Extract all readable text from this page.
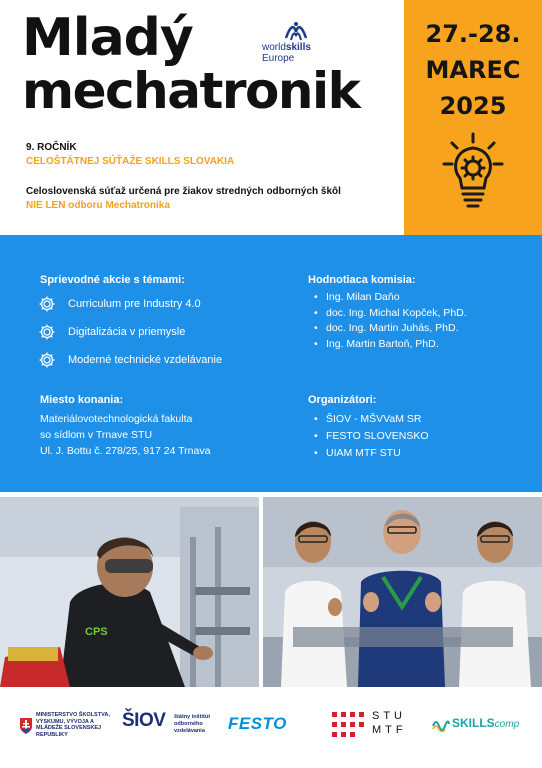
Mladý
mechatronik
worldskills
Europe
9. ROČNÍK
CELOŠTÁTNEJ SÚŤAŽE SKILLS SLOVAKIA
Celoslovenská súťaž určená pre žiakov stredných odborných škôl
NIE LEN odboru Mechatronika
27.-28.
MAREC
2025
Sprievodné akcie s témami:
Curriculum pre Industry 4.0
Digitalizácia v priemysle
Moderné technické vzdelávanie
Hodnotiaca komisia:
• Ing. Milan Daňo
• doc. Ing. Michal Kopček, PhD.
• doc. Ing. Martin Juhás, PhD.
• Ing. Martin Bartoň, PhD.
Miesto konania:
Materiálovotechnologická fakulta
so sídlom v Trnave STU
Ul. J. Bottu č. 278/25, 917 24 Trnava
Organizátori:
• ŠIOV - MŠVVaM SR
• FESTO SLOVENSKO
• UIAM MTF STU
CPS
MINISTERSTVO ŠKOLSTVA, VÝSKUMU, VÝVOJA A MLÁDEŽE SLOVENSKEJ REPUBLIKY
ŠIOV štátny inštitút odborného vzdelávania	FESTO	STU
MTF	SKILLScomp
